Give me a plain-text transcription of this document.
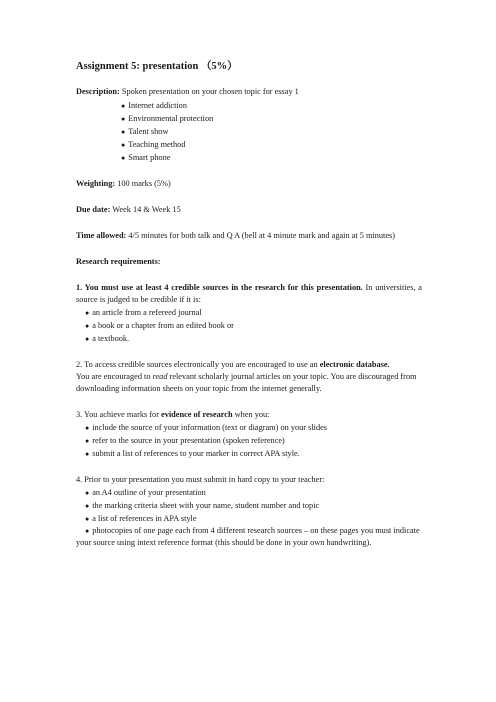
Assignment 5: presentation （5%）
Description: Spoken presentation on your chosen topic for essay 1
● Internet addiction
● Environmental protection
● Talent show
● Teaching method
● Smart phone
Weighting: 100 marks (5%)
Due date: Week 14 & Week 15
Time allowed: 4/5 minutes for both talk and Q A (bell at 4 minute mark and again at 5 minutes)
Research requirements:
1. You must use at least 4 credible sources in the research for this presentation. In universities, a source is judged to be credible if it is:
● an article from a refereed journal
● a book or a chapter from an edited book or
● a textbook.
2. To access credible sources electronically you are encouraged to use an electronic database.
You are encouraged to read relevant scholarly journal articles on your topic. You are discouraged from downloading information sheets on your topic from the internet generally.
3. You achieve marks for evidence of research when you:
● include the source of your information (text or diagram) on your slides
● refer to the source in your presentation (spoken reference)
● submit a list of references to your marker in correct APA style.
4. Prior to your presentation you must submit in hard copy to your teacher:
● an A4 outline of your presentation
● the marking criteria sheet with your name, student number and topic
● a list of references in APA style
● photocopies of one page each from 4 different research sources – on these pages you must indicate your source using intext reference format (this should be done in your own handwriting).
